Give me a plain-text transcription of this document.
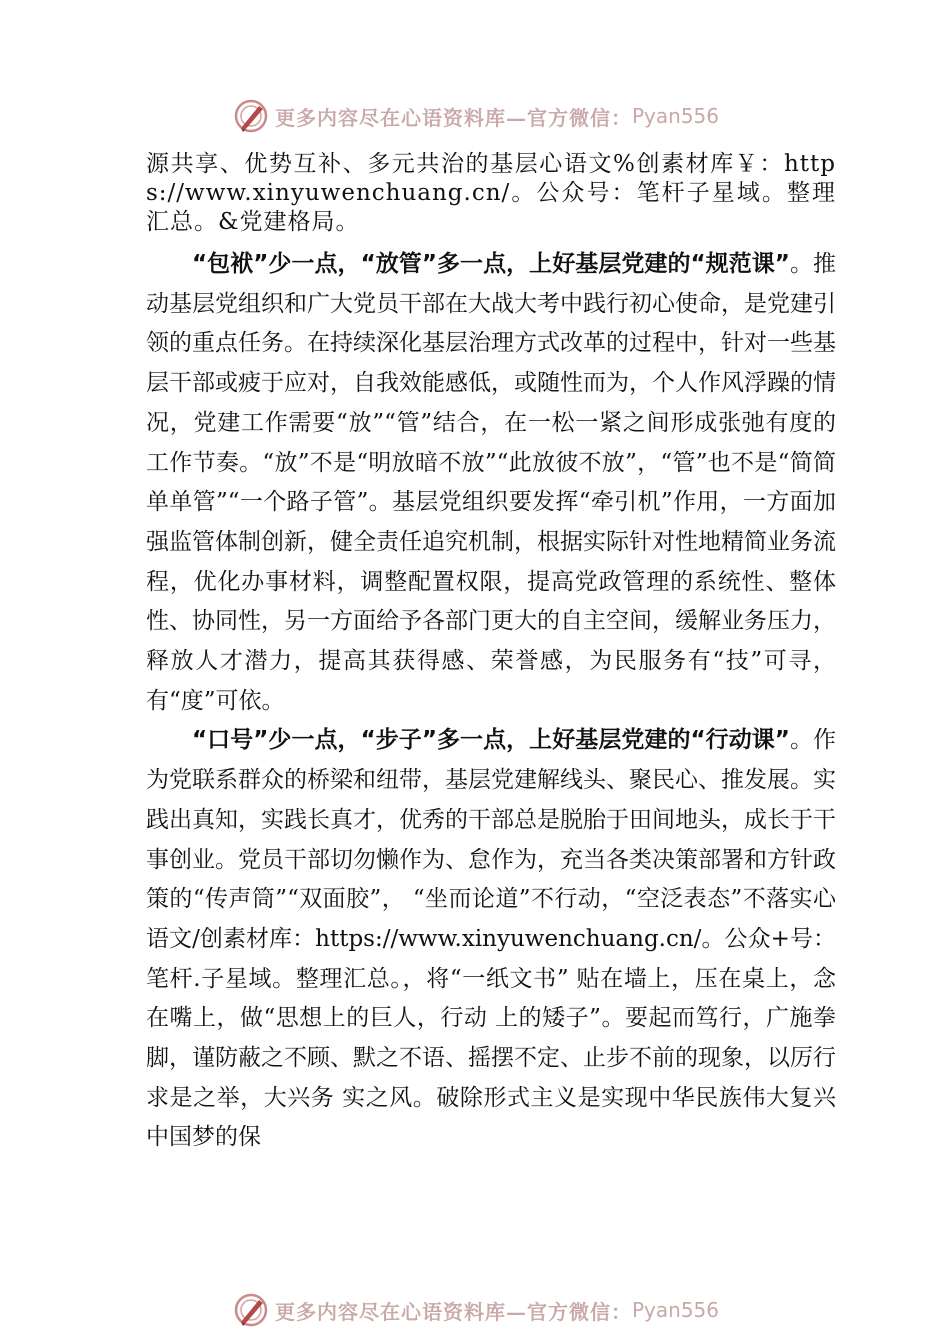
更多内容尽在心语资料库—官方微信： Pyan556

源共享、优势互补、多元共治的基层心语文%创素材库￥：https://www.xinyuwenchuang.cn/。公众号：笔杆子星域。整理汇总。&党建格局。

“包袱”少一点，“放管”多一点，上好基层党建的“规范课”。推动基层党组织和广大党员干部在大战大考中践行初心使命，是党建引领的重点任务。在持续深化基层治理方式改革的过程中，针对一些基层干部或疲于应对，自我效能感低，或随性而为，个人作风浮躁的情况，党建工作需要“放”“管”结合，在一松一紧之间形成张弛有度的工作节奏。“放”不是“明放暗不放”“此放彼不放”，“管”也不是“简简单单管”“一个路子管”。基层党组织要发挥“牵引机”作用，一方面加强监管体制创新，健全责任追究机制，根据实际针对性地精简业务流程，优化办事材料，调整配置权限，提高党政管理的系统性、整体性、协同性，另一方面给予各部门更大的自主空间，缓解业务压力，释放人才潜力，提高其获得感、荣誉感，为民服务有“技”可寻，有“度”可依。

“口号”少一点，“步子”多一点，上好基层党建的“行动课”。作为党联系群众的桥梁和纽带，基层党建解线头、聚民心、推发展。实践出真知，实践长真才，优秀的干部总是脱胎于田间地头，成长于干事创业。党员干部切勿懒作为、怠作为，充当各类决策部署和方针政策的“传声筒”“双面胶”， “坐而论道”不行动，“空泛表态”不落实心语文/创素材库：https://www.xinyuwenchuang.cn/。公众+号：笔杆.子星域。整理汇总。，将“一纸文书” 贴在墙上，压在桌上，念在嘴上，做“思想上的巨人，行动 上的矮子”。要起而笃行，广施拳脚，谨防蔽之不顾、默之不语、摇摆不定、止步不前的现象，以厉行求是之举，大兴务 实之风。破除形式主义是实现中华民族伟大复兴中国梦的保

更多内容尽在心语资料库—官方微信： Pyan556
